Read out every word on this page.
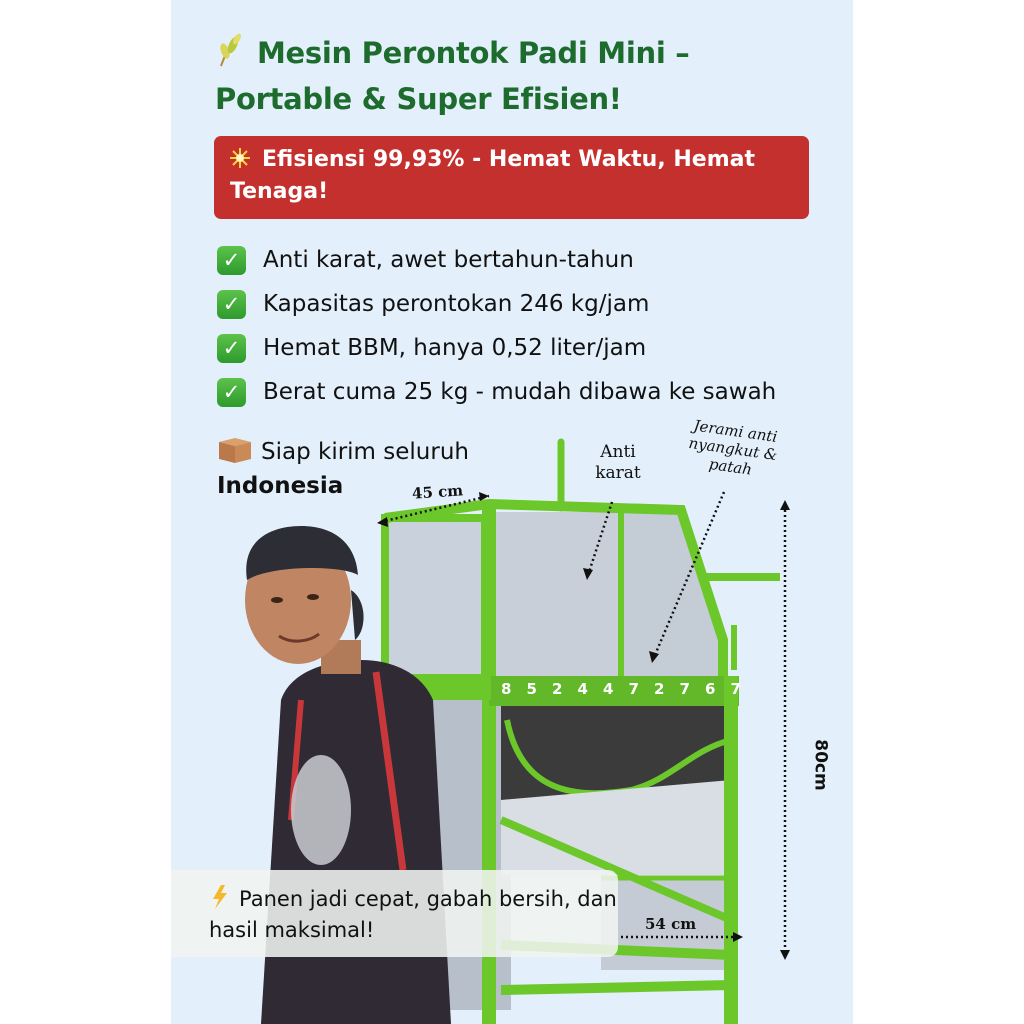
Mesin Perontok Padi Mini –
Portable & Super Efisien!
Efisiensi 99,93% - Hemat Waktu, Hemat Tenaga!
✓ Anti karat, awet bertahun-tahun
✓ Kapasitas perontokan 246 kg/jam
✓ Hemat BBM, hanya 0,52 liter/jam
✓ Berat cuma 25 kg - mudah dibawa ke sawah
Siap kirim seluruh
Indonesia
Anti karat
Jerami anti nyangkut & patah
45 cm
54 cm
80cm
8 5 2 4 4 7 2 7 6 7
Panen jadi cepat, gabah bersih, dan hasil maksimal!
